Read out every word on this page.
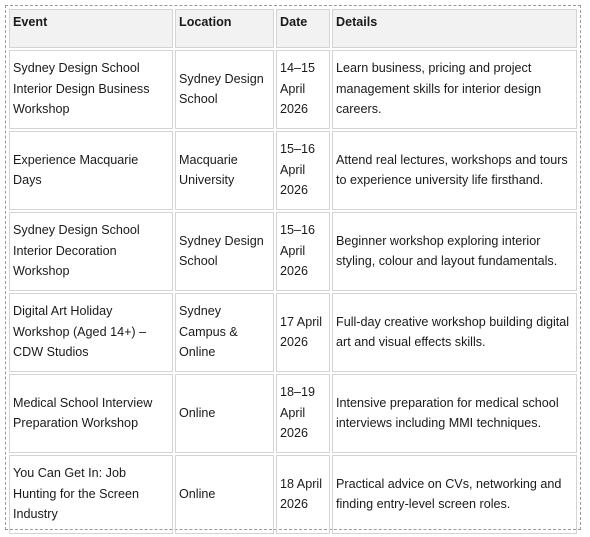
Event	Location	Date	Details
Sydney Design School Interior Design Business Workshop	Sydney Design School	14–15 April 2026	Learn business, pricing and project management skills for interior design careers.
Experience Macquarie Days	Macquarie University	15–16 April 2026	Attend real lectures, workshops and tours to experience university life firsthand.
Sydney Design School Interior Decoration Workshop	Sydney Design School	15–16 April 2026	Beginner workshop exploring interior styling, colour and layout fundamentals.
Digital Art Holiday Workshop (Aged 14+) – CDW Studios	Sydney Campus & Online	17 April 2026	Full-day creative workshop building digital art and visual effects skills.
Medical School Interview Preparation Workshop	Online	18–19 April 2026	Intensive preparation for medical school interviews including MMI techniques.
You Can Get In: Job Hunting for the Screen Industry	Online	18 April 2026	Practical advice on CVs, networking and finding entry-level screen roles.
